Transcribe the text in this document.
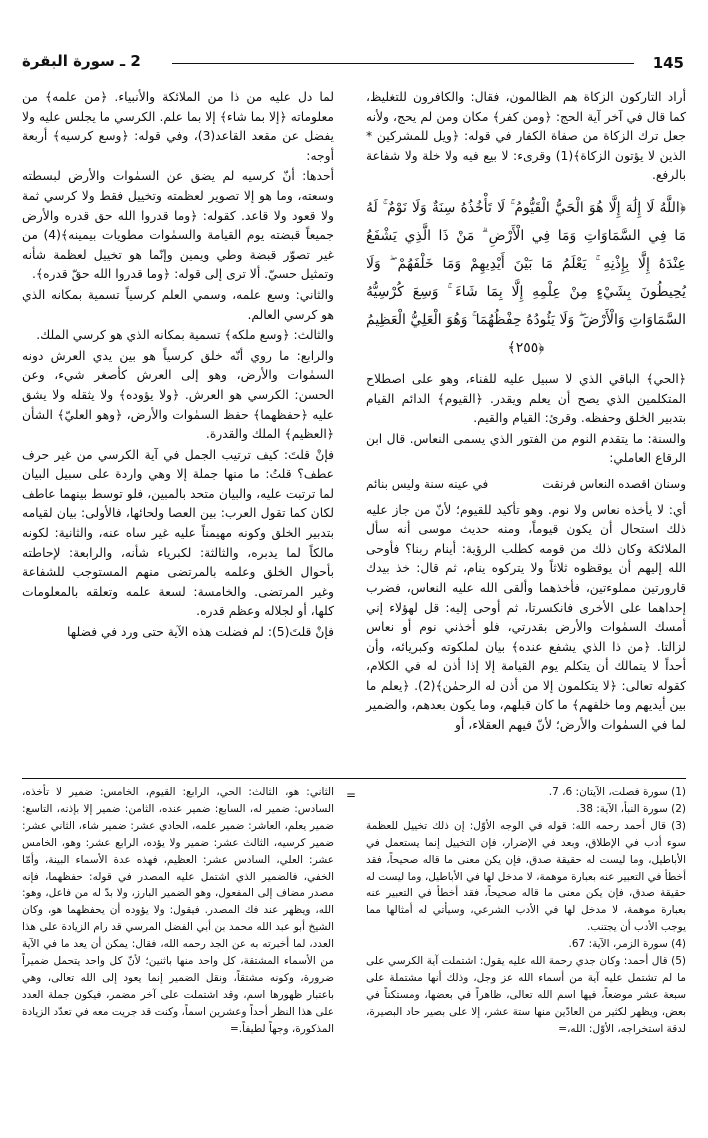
145
2 ـ سورة البقرة

أراد التاركون الزكاة هم الظالمون، فقال: والكافرون للتغليظ، كما قال في آخر آية الحج: ﴿ومن كفر﴾ مكان ومن لم يحج، ولأنه جعل ترك الزكاة من صفاة الكفار في قوله: ﴿ويل للمشركين * الذين لا يؤتون الزكاة﴾(1) وقرىء: لا بيع فيه ولا خلة ولا شفاعة بالرفع.

﴿اللَّهُ لَا إِلَٰهَ إِلَّا هُوَ الْحَيُّ الْقَيُّومُ ۚ لَا تَأْخُذُهُ سِنَةٌ وَلَا نَوْمٌ ۚ لَهُ مَا فِي السَّمَاوَاتِ وَمَا فِي الْأَرْضِ ۗ مَنْ ذَا الَّذِي يَشْفَعُ عِنْدَهُ إِلَّا بِإِذْنِهِ ۚ يَعْلَمُ مَا بَيْنَ أَيْدِيهِمْ وَمَا خَلْفَهُمْ ۖ وَلَا يُحِيطُونَ بِشَيْءٍ مِنْ عِلْمِهِ إِلَّا بِمَا شَاءَ ۚ وَسِعَ كُرْسِيُّهُ السَّمَاوَاتِ وَالْأَرْضَ ۖ وَلَا يَئُودُهُ حِفْظُهُمَا ۚ وَهُوَ الْعَلِيُّ الْعَظِيمُ ﴿٢٥٥﴾

﴿الحي﴾ الباقي الذي لا سبيل عليه للفناء، وهو على اصطلاح المتكلمين الذي يصح أن يعلم ويقدر. ﴿القيوم﴾ الدائم القيام بتدبير الخلق وحفظه. وقرئ: القيام والقيم.

والسنة: ما يتقدم النوم من الفتور الذي يسمى النعاس. قال ابن الرقاع العاملي:

وسنان اقصده النعاس فرنقت
في عينه سنة وليس بنائم

أي: لا يأخذه نعاس ولا نوم. وهو تأكيد للقيوم؛ لأنّ من جاز عليه ذلك استحال أن يكون قيوماً، ومنه حديث موسى أنه سأل الملائكة وكان ذلك من قومه كطلب الرؤية: أينام ربنا؟ فأوحى الله إليهم أن يوقظوه ثلاثاً ولا يتركوه ينام، ثم قال: خذ بيدك قارورتين مملوءتين، فأخذهما وألقى الله عليه النعاس، فضرب إحداهما على الأخرى فانكسرتا، ثم أوحى إليه: قل لهؤلاء إني أمسك السمٰوات والأرض بقدرتي، فلو أخذني نوم أو نعاس لزالتا. ﴿من ذا الذي يشفع عنده﴾ بيان لملكوته وكبريائه، وأن أحداً لا يتمالك أن يتكلم يوم القيامة إلا إذا أذن له في الكلام، كقوله تعالى: ﴿لا يتكلمون إلا من أذن له الرحمٰن﴾(2). ﴿يعلم ما بين أيديهم وما خلفهم﴾ ما كان قبلهم، وما يكون بعدهم، والضمير لما في السمٰوات والأرض؛ لأنّ فيهم العقلاء، أو

لما دل عليه من ذا من الملائكة والأنبياء. ﴿من علمه﴾ من معلوماته ﴿إلا بما شاء﴾ إلا بما علم. الكرسي ما يجلس عليه ولا يفضل عن مقعد القاعد(3)، وفي قوله: ﴿وسع كرسيه﴾ أربعة أوجه:

أحدها: أنّ كرسيه لم يضق عن السمٰوات والأرض لبسطته وسعته، وما هو إلا تصوير لعظمته وتخييل فقط ولا كرسي ثمة ولا قعود ولا قاعد. كقوله: ﴿وما قدروا الله حق قدره والأرض جميعاً قبضته يوم القيامة والسمٰوات مطويات بيمينه﴾(4) من غير تصوّر قبضة وطي ويمين وإنّما هو تخييل لعظمة شأنه وتمثيل حسيّ. ألا ترى إلى قوله: ﴿وما قدروا الله حقّ قدره﴾.

والثاني: وسع علمه، وسمي العلم كرسياً تسمية بمكانه الذي هو كرسي العالم.

والثالث: ﴿وسع ملكه﴾ تسمية بمكانه الذي هو كرسي الملك.

والرابع: ما روي أنّه خلق كرسياً هو بين يدي العرش دونه السمٰوات والأرض، وهو إلى العرش كأصغر شيء، وعن الحسن: الكرسي هو العرش. ﴿ولا يؤوده﴾ ولا يثقله ولا يشق عليه ﴿حفظهما﴾ حفظ السمٰوات والأرض، ﴿وهو العليّ﴾ الشأن ﴿العظيم﴾ الملك والقدرة.

فإنْ قلتَ: كيف ترتيب الجمل في آية الكرسي من غير حرف عطف؟ قلتُ: ما منها جملة إلا وهي واردة على سبيل البيان لما ترتبت عليه، والبيان متحد بالمبين، فلو توسط بينهما عاطف لكان كما تقول العرب: بين العصا ولحائها، فالأولى: بيان لقيامه بتدبير الخلق وكونه مهيمناً عليه غير ساه عنه، والثانية: لكونه مالكاً لما يدبره، والثالثة: لكبرياء شأنه، والرابعة: لإحاطته بأحوال الخلق وعلمه بالمرتضى منهم المستوجب للشفاعة وغير المرتضى. والخامسة: لسعة علمه وتعلقه بالمعلومات كلها، أو لجلاله وعظم قدره.

فإنْ قلتَ(5): لم فضلت هذه الآية حتى ورد في فضلها

=	(1) سورة فصلت، الآيتان: 6، 7.

(2) سورة النبأ، الآية: 38.

(3) قال أحمد رحمه الله: قوله في الوجه الأوّل: إن ذلك تخييل للعظمة سوء أدب في الإطلاق، وبعد في الإضرار، فإن التخييل إنما يستعمل في الأباطيل، وما ليست له حقيقة صدق، فإن يكن معنى ما قاله صحيحاً، فقد أخطأ في التعبير عنه بعبارة موهمة، لا مدخل لها في الأباطيل، وما ليست له حقيقة صدق، فإن يكن معنى ما قاله صحيحاً، فقد أخطأ في التعبير عنه بعبارة موهمة، لا مدخل لها في الأدب الشرعي، وسيأتي له أمثالها مما يوجب الأدب أن يجتنب.

(4) سورة الزمر، الآية: 67.

(5) قال أحمد: وكان جدي رحمة الله عليه يقول: اشتملت آية الكرسي على ما لم تشتمل عليه آية من أسماء الله عز وجل، وذلك أنها مشتملة على سبعة عشر موضعاً، فيها اسم الله تعالى، ظاهراً في بعضها، ومستكناً في بعض، ويظهر لكثير من العادّين منها ستة عشر، إلا على بصير حاد البصيرة، لدقة استخراجه، الأوّل: الله،=

الثاني: هو، الثالث: الحي، الرابع: القيوم، الخامس: ضمير لا تأخذه، السادس: ضمير له، السابع: ضمير عنده، الثامن: ضمير إلا بإذنه، التاسع: ضمير يعلم، العاشر: ضمير علمه، الحادي عشر: ضمير شاء، الثاني عشر: ضمير كرسيه، الثالث عشر: ضمير ولا يؤده، الرابع عشر: وهو، الخامس عشر: العلي، السادس عشر: العظيم، فهذه عدة الأسماء البينة، وأمّا الخفي، فالضمير الذي اشتمل عليه المصدر في قوله: حفظهما، فإنه مصدر مضاف إلى المفعول، وهو الضمير البارز، ولا بدّ له من فاعل، وهو: الله، ويظهر عند فك المصدر. فيقول: ولا يؤوده أن يحفظهما هو، وكان الشيخ أبو عبد الله محمد بن أبي الفضل المرسي قد رام الزيادة على هذا العدد، لما أخبرته به عن الجد رحمه الله، فقال: يمكن أن يعد ما في الآية من الأسماء المشتقة، كل واحد منها باثنين؛ لأنّ كل واحد يتحمل ضميراً ضرورة، وكونه مشتقاً، ونقل الضمير إنما يعود إلى الله تعالى، وهي باعتبار ظهورها اسم، وقد اشتملت على آخر مضمر، فيكون جملة العدد على هذا النظر أحداً وعشرين اسماً، وكنت قد جريت معه في تعدّد الزيادة المذكورة، وجهاً لطيفاً.=
